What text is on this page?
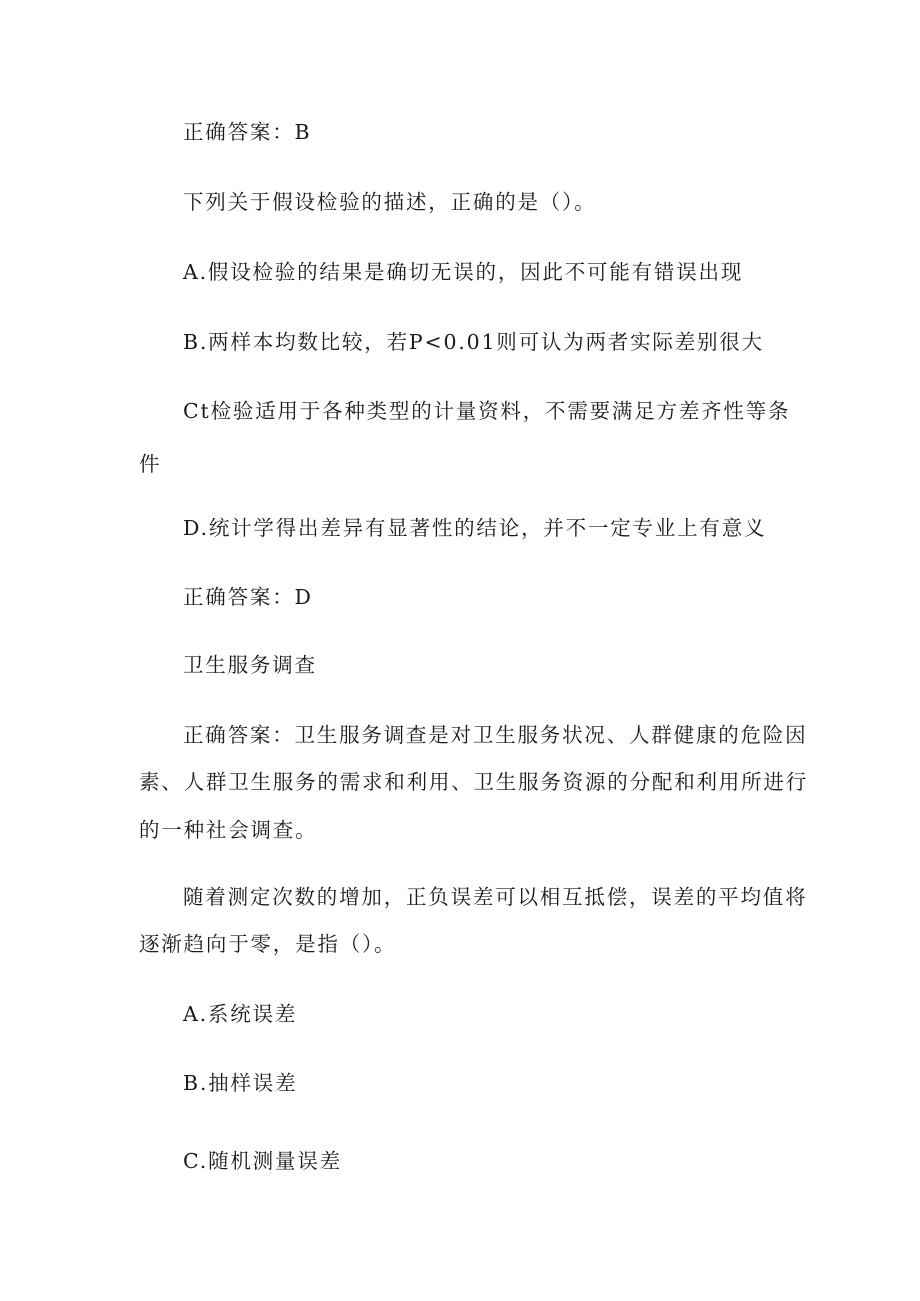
正确答案：B
下列关于假设检验的描述，正确的是（）。
A.假设检验的结果是确切无误的，因此不可能有错误出现
B.两样本均数比较，若P<0.01则可认为两者实际差别很大
Ct检验适用于各种类型的计量资料，不需要满足方差齐性等条
件
D.统计学得出差异有显著性的结论，并不一定专业上有意义
正确答案：D
卫生服务调查
正确答案：卫生服务调查是对卫生服务状况、人群健康的危险因
素、人群卫生服务的需求和利用、卫生服务资源的分配和利用所进行
的一种社会调查。
随着测定次数的增加，正负误差可以相互抵偿，误差的平均值将
逐渐趋向于零，是指（）。
A.系统误差
B.抽样误差
C.随机测量误差
